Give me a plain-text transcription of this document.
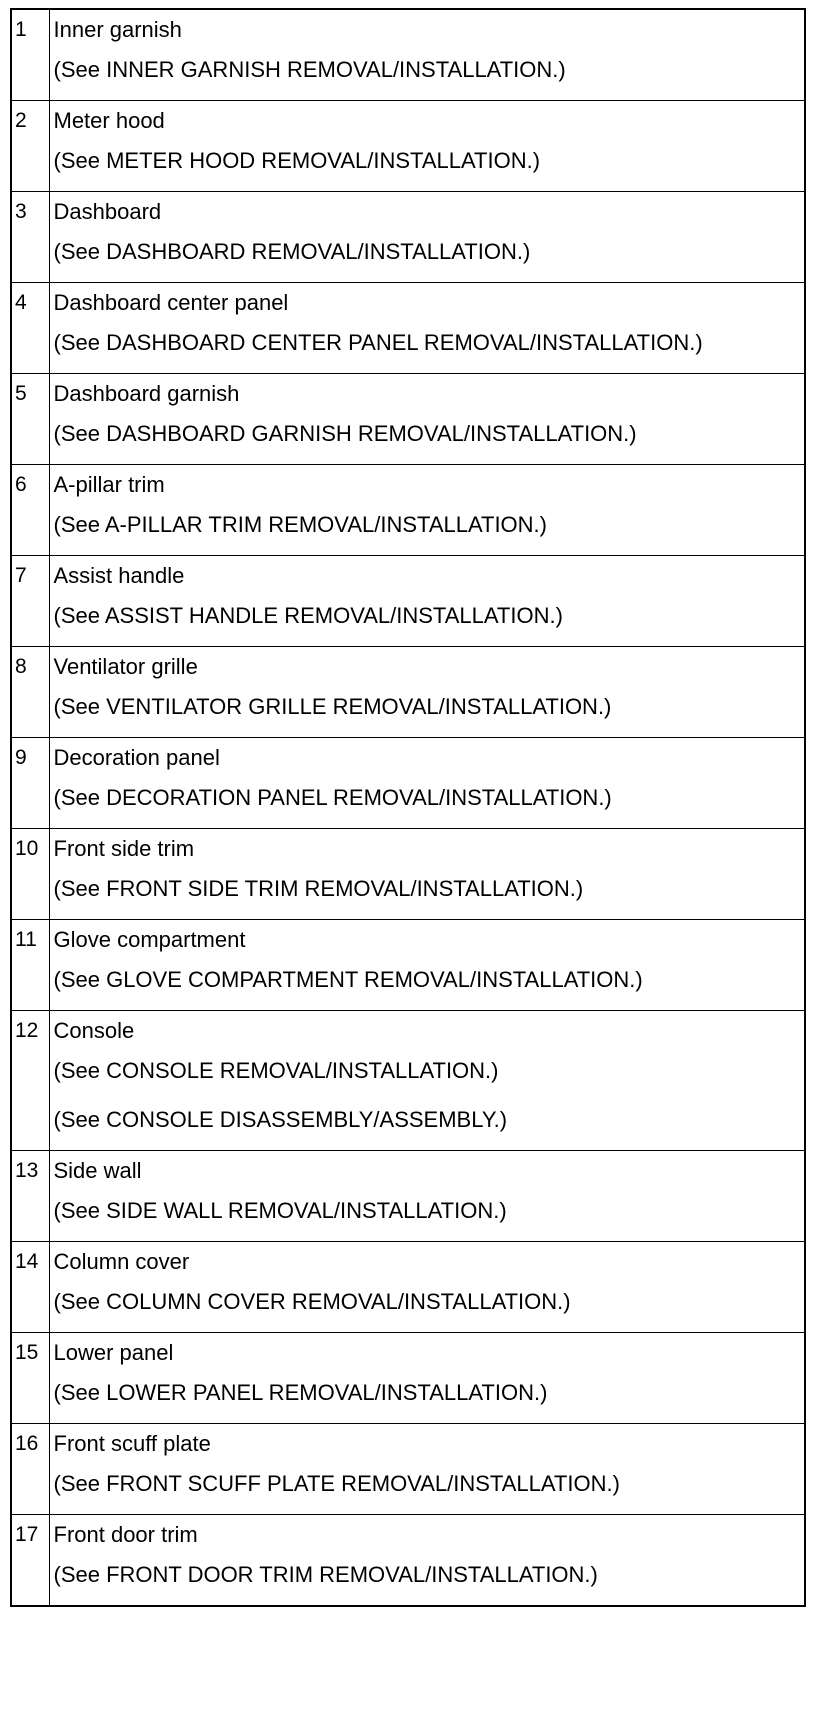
1	Inner garnish
(See INNER GARNISH REMOVAL/INSTALLATION.)

2	Meter hood
(See METER HOOD REMOVAL/INSTALLATION.)

3	Dashboard
(See DASHBOARD REMOVAL/INSTALLATION.)

4	Dashboard center panel
(See DASHBOARD CENTER PANEL REMOVAL/INSTALLATION.)

5	Dashboard garnish
(See DASHBOARD GARNISH REMOVAL/INSTALLATION.)

6	A-pillar trim
(See A-PILLAR TRIM REMOVAL/INSTALLATION.)

7	Assist handle
(See ASSIST HANDLE REMOVAL/INSTALLATION.)

8	Ventilator grille
(See VENTILATOR GRILLE REMOVAL/INSTALLATION.)

9	Decoration panel
(See DECORATION PANEL REMOVAL/INSTALLATION.)

10	Front side trim
(See FRONT SIDE TRIM REMOVAL/INSTALLATION.)

11	Glove compartment
(See GLOVE COMPARTMENT REMOVAL/INSTALLATION.)

12	Console
(See CONSOLE REMOVAL/INSTALLATION.)
(See CONSOLE DISASSEMBLY/ASSEMBLY.)

13	Side wall
(See SIDE WALL REMOVAL/INSTALLATION.)

14	Column cover
(See COLUMN COVER REMOVAL/INSTALLATION.)

15	Lower panel
(See LOWER PANEL REMOVAL/INSTALLATION.)

16	Front scuff plate
(See FRONT SCUFF PLATE REMOVAL/INSTALLATION.)

17	Front door trim
(See FRONT DOOR TRIM REMOVAL/INSTALLATION.)
